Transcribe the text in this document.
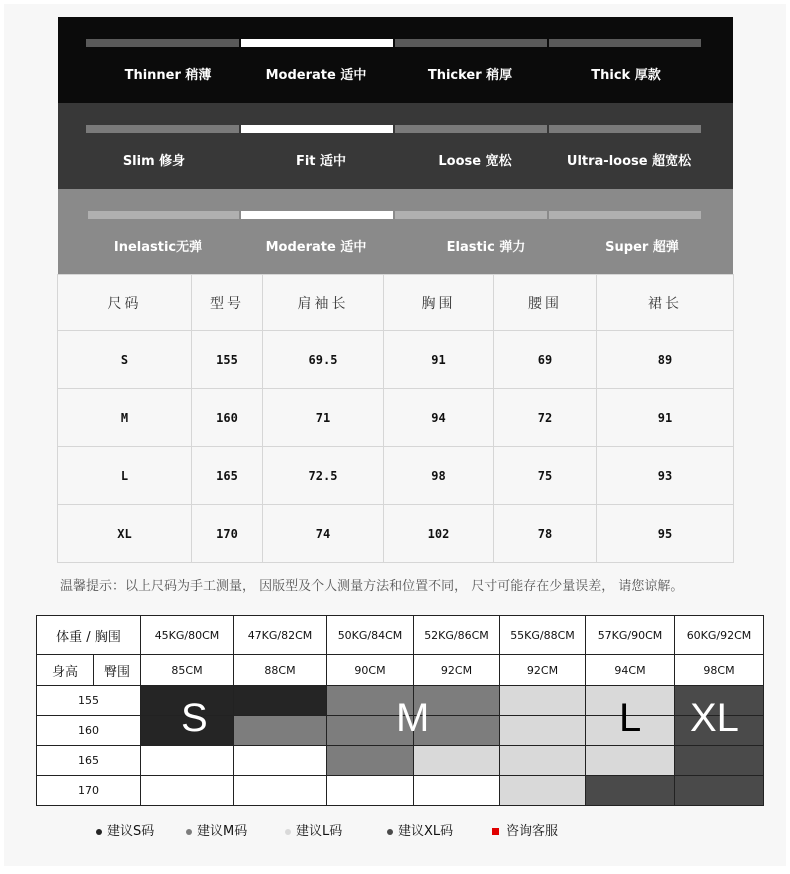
Thinner 稍薄	Moderate 适中	Thicker 稍厚	Thick 厚款
Slim 修身	Fit 适中	Loose 宽松	Ultra-loose 超宽松
Inelastic无弹	Moderate 适中	Elastic 弹力	Super 超弹
尺码	型号	肩袖长	胸围	腰围	裙长
S	155	69.5	91	69	89
M	160	71	94	72	91
L	165	72.5	98	75	93
XL	170	74	102	78	95
温馨提示：以上尺码为手工测量， 因版型及个人测量方法和位置不同， 尺寸可能存在少量误差， 请您谅解。
体重 / 胸围		45KG/80CM	47KG/82CM	50KG/84CM	52KG/86CM	55KG/88CM	57KG/90CM	60KG/92CM
身高	臀围	85CM	88CM	90CM	92CM	92CM	94CM	98CM
155								
160								
165								
170								
S	M	L XL
建议S码	建议M码	建议L码	建议XL码	咨询客服
